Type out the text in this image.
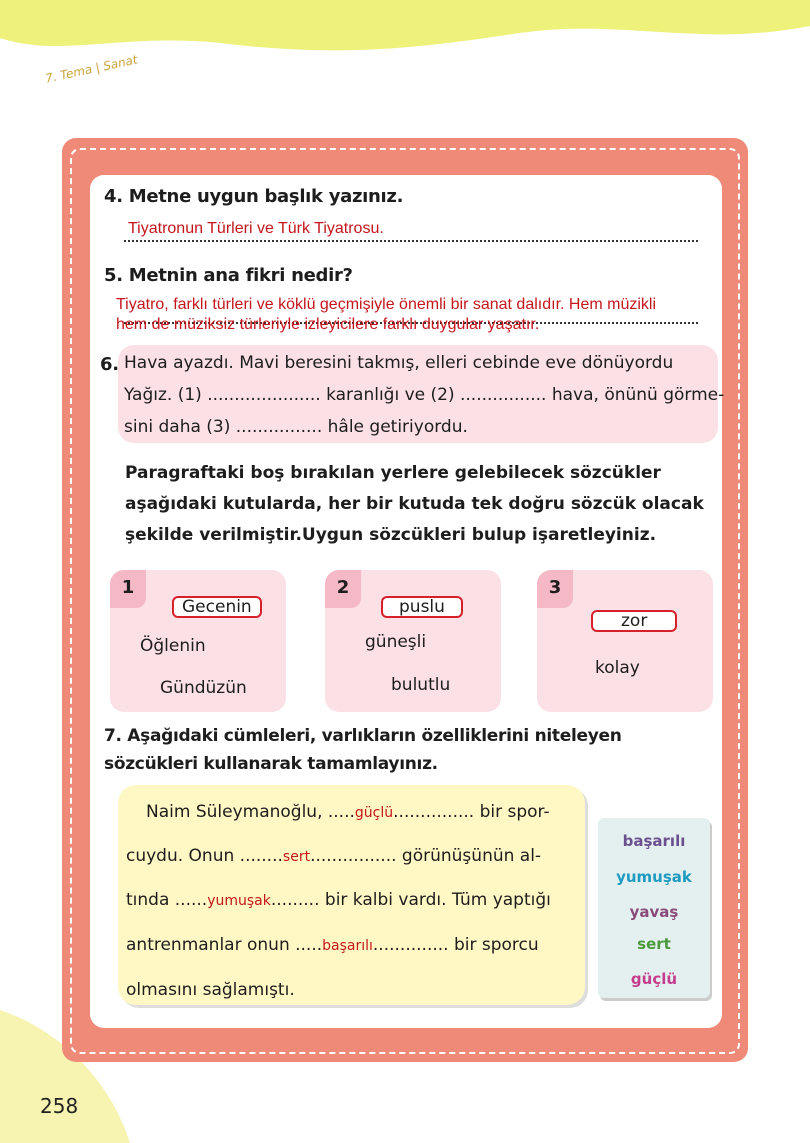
7. Tema | Sanat
4. Metne uygun başlık yazınız.
Tiyatronun Türleri ve Türk Tiyatrosu.
5. Metnin ana fikri nedir?
Tiyatro, farklı türleri ve köklü geçmişiyle önemli bir sanat dalıdır. Hem müzikli
hem de müziksiz türleriyle izleyicilere farklı duygular yaşatır.
6. Hava ayazdı. Mavi beresini takmış, elleri cebinde eve dönüyordu
Yağız. (1) ..................... karanlığı ve (2) ................ hava, önünü görme-
sini daha (3) ................ hâle getiriyordu.
Paragraftaki boş bırakılan yerlere gelebilecek sözcükler aşağıdaki kutularda, her bir kutuda tek doğru sözcük olacak şekilde verilmiştir.Uygun sözcükleri bulup işaretleyiniz.
1
Gecenin
Öğlenin
Gündüzün
2
puslu
güneşli
bulutlu
3
zor
kolay
7. Aşağıdaki cümleleri, varlıkların özelliklerini niteleyen sözcükleri kullanarak tamamlayınız.
Naim Süleymanoğlu, .....güçlü............... bir spor-
cuydu. Onun ........sert................ görünüşünün al-
tında ......yumuşak......... bir kalbi vardı. Tüm yaptığı
antrenmanlar onun .....başarılı.............. bir sporcu
olmasını sağlamıştı.
başarılı
yumuşak
yavaş
sert
güçlü
258
